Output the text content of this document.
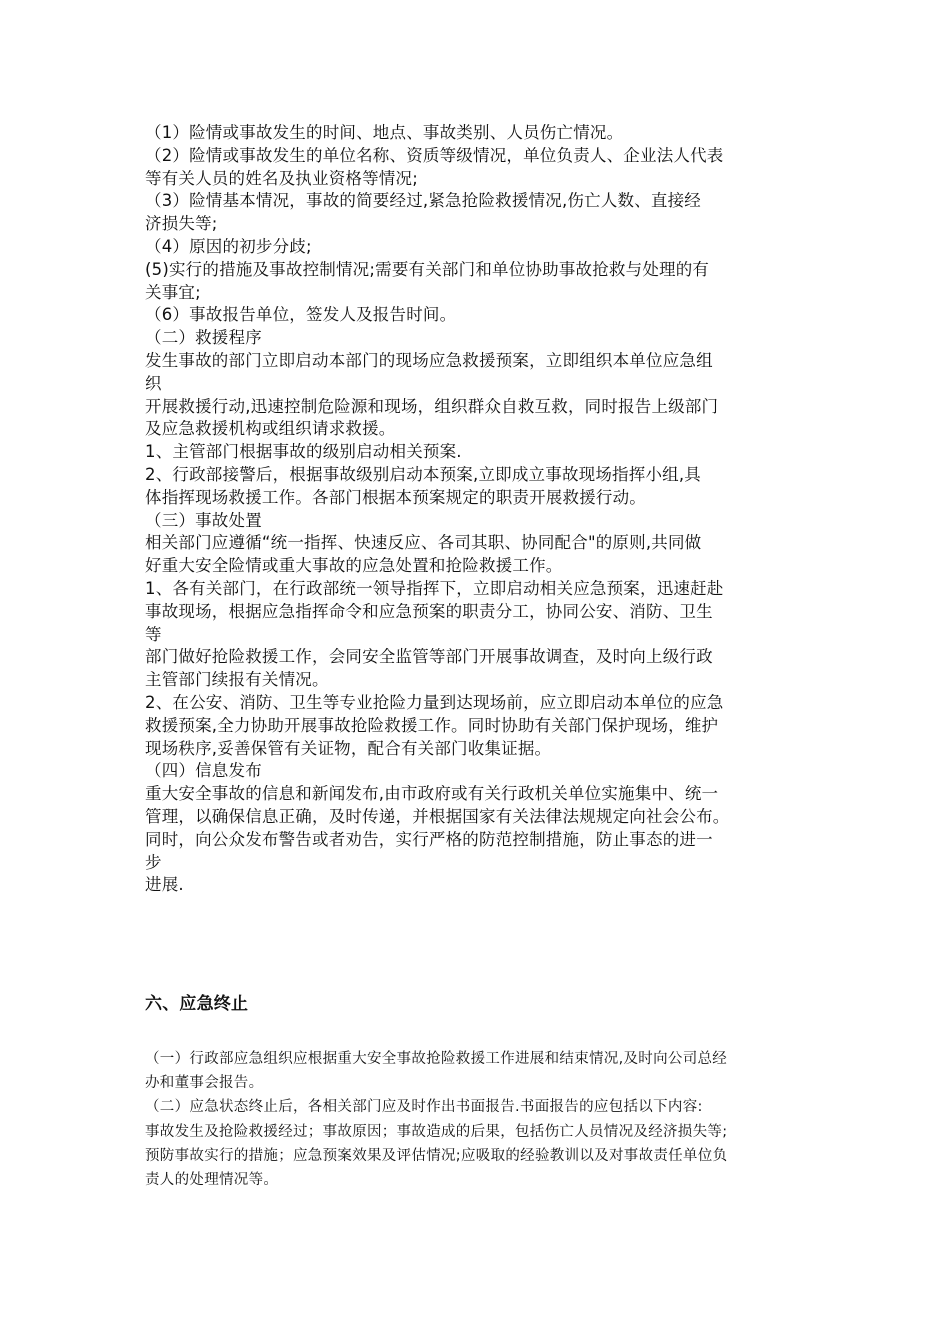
（1）险情或事故发生的时间、地点、事故类别、人员伤亡情况。
（2）险情或事故发生的单位名称、资质等级情况，单位负责人、企业法人代表
等有关人员的姓名及执业资格等情况;
（3）险情基本情况，事故的简要经过,紧急抢险救援情况,伤亡人数、直接经
济损失等;
（4）原因的初步分歧;
(5)实行的措施及事故控制情况;需要有关部门和单位协助事故抢救与处理的有
关事宜;
（6）事故报告单位，签发人及报告时间。
（二）救援程序
发生事故的部门立即启动本部门的现场应急救援预案，立即组织本单位应急组
织
开展救援行动,迅速控制危险源和现场，组织群众自救互救，同时报告上级部门
及应急救援机构或组织请求救援。
1、主管部门根据事故的级别启动相关预案.
2、行政部接警后，根据事故级别启动本预案,立即成立事故现场指挥小组,具
体指挥现场救援工作。各部门根据本预案规定的职责开展救援行动。
（三）事故处置
相关部门应遵循“统一指挥、快速反应、各司其职、协同配合"的原则,共同做
好重大安全险情或重大事故的应急处置和抢险救援工作。
1、各有关部门，在行政部统一领导指挥下，立即启动相关应急预案，迅速赶赴
事故现场，根据应急指挥命令和应急预案的职责分工，协同公安、消防、卫生
等
部门做好抢险救援工作，会同安全监管等部门开展事故调查，及时向上级行政
主管部门续报有关情况。
2、在公安、消防、卫生等专业抢险力量到达现场前，应立即启动本单位的应急
救援预案,全力协助开展事故抢险救援工作。同时协助有关部门保护现场，维护
现场秩序,妥善保管有关证物，配合有关部门收集证据。
（四）信息发布
重大安全事故的信息和新闻发布,由市政府或有关行政机关单位实施集中、统一
管理，以确保信息正确，及时传递，并根据国家有关法律法规规定向社会公布。
同时，向公众发布警告或者劝告，实行严格的防范控制措施，防止事态的进一
步
进展.
六、应急终止
（一）行政部应急组织应根据重大安全事故抢险救援工作进展和结束情况,及时向公司总经
办和董事会报告。
（二）应急状态终止后，各相关部门应及时作出书面报告.书面报告的应包括以下内容:
事故发生及抢险救援经过；事故原因；事故造成的后果，包括伤亡人员情况及经济损失等;
预防事故实行的措施；应急预案效果及评估情况;应吸取的经验教训以及对事故责任单位负
责人的处理情况等。
